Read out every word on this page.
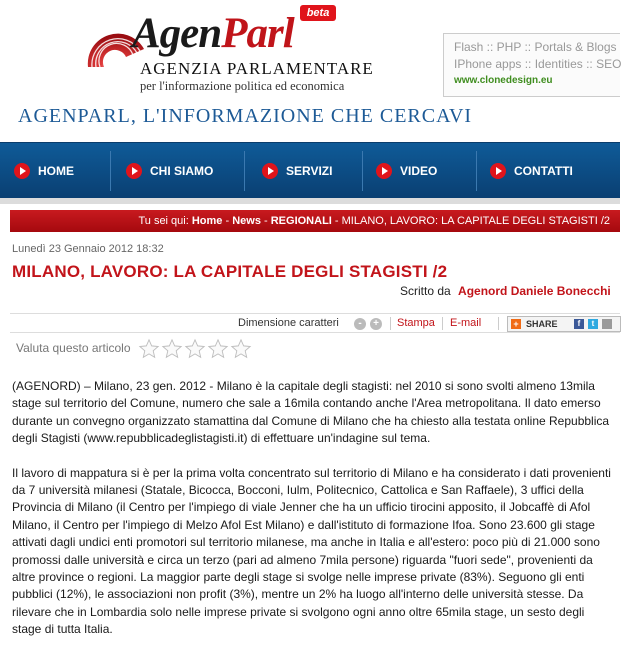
AgenParl	beta
AGENZIA PARLAMENTARE
per l'informazione politica ed economica
AGENPARL, L'INFORMAZIONE CHE CERCAVI
Flash :: PHP :: Portals & Blogs
IPhone apps :: Identities :: SEO
www.clonedesign.eu
HOME	CHI SIAMO	SERVIZI	VIDEO	CONTATTI
Tu sei qui: Home - News - REGIONALI - MILANO, LAVORO: LA CAPITALE DEGLI STAGISTI /2
Lunedì 23 Gennaio 2012 18:32
MILANO, LAVORO: LA CAPITALE DEGLI STAGISTI /2
Scritto da Agenord Daniele Bonecchi
Dimensione caratteri	-	+ Stampa E-mail	+ SHARE	f	t
Valuta questo articolo

(AGENORD) – Milano, 23 gen. 2012 - Milano è la capitale degli stagisti: nel 2010 si sono svolti almeno 13mila stage sul territorio del Comune, numero che sale a 16mila contando anche l'Area metropolitana. Il dato emerso durante un convegno organizzato stamattina dal Comune di Milano che ha chiesto alla testata online Repubblica degli Stagisti (www.repubblicadeglistagisti.it) di effettuare un'indagine sul tema.

Il lavoro di mappatura si è per la prima volta concentrato sul territorio di Milano e ha considerato i dati provenienti da 7 università milanesi (Statale, Bicocca, Bocconi, Iulm, Politecnico, Cattolica e San Raffaele), 3 uffici della Provincia di Milano (il Centro per l'impiego di viale Jenner che ha un ufficio tirocini apposito, il Jobcaffè di Afol Milano, il Centro per l'impiego di Melzo Afol Est Milano) e dall'istituto di formazione Ifoa. Sono 23.600 gli stage attivati dagli undici enti promotori sul territorio milanese, ma anche in Italia e all'estero: poco più di 21.000 sono promossi dalle università e circa un terzo (pari ad almeno 7mila persone) riguarda "fuori sede", provenienti da altre province o regioni. La maggior parte degli stage si svolge nelle imprese private (83%). Seguono gli enti pubblici (12%), le associazioni non profit (3%), mentre un 2% ha luogo all'interno delle università stesse. Da rilevare che in Lombardia solo nelle imprese private si svolgono ogni anno oltre 65mila stage, un sesto degli stage di tutta Italia.
